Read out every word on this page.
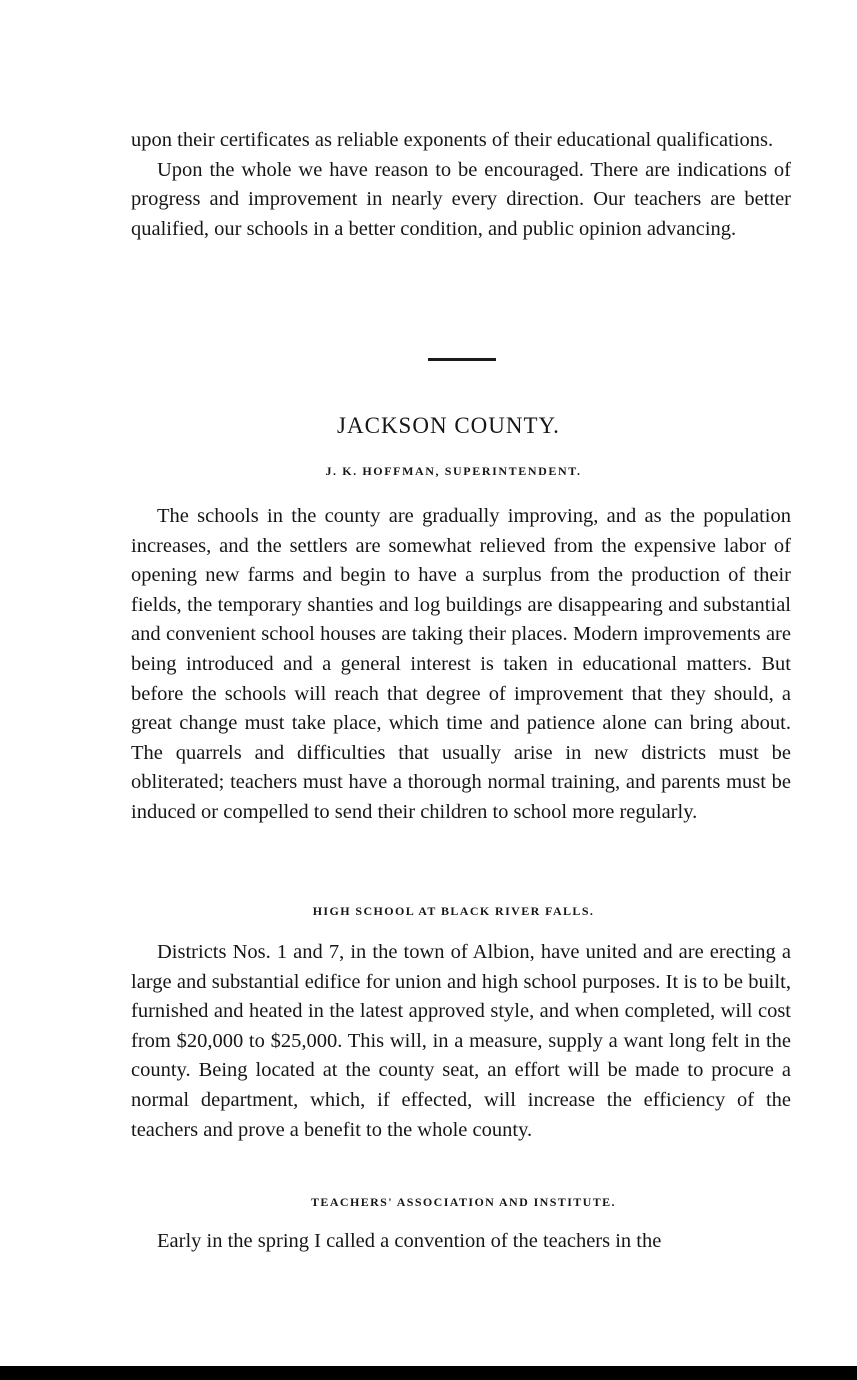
upon their certificates as reliable exponents of their educational qualifications.

Upon the whole we have reason to be encouraged. There are indications of progress and improvement in nearly every direction. Our teachers are better qualified, our schools in a better condition, and public opinion advancing.

JACKSON COUNTY.
J. K. HOFFMAN, SUPERINTENDENT.

The schools in the county are gradually improving, and as the population increases, and the settlers are somewhat relieved from the expensive labor of opening new farms and begin to have a surplus from the production of their fields, the temporary shanties and log buildings are disappearing and substantial and convenient school houses are taking their places. Modern improvements are being introduced and a general interest is taken in educational matters. But before the schools will reach that degree of improvement that they should, a great change must take place, which time and patience alone can bring about. The quarrels and difficulties that usually arise in new districts must be obliterated; teachers must have a thorough normal training, and parents must be induced or compelled to send their children to school more regularly.

HIGH SCHOOL AT BLACK RIVER FALLS.

Districts Nos. 1 and 7, in the town of Albion, have united and are erecting a large and substantial edifice for union and high school purposes. It is to be built, furnished and heated in the latest approved style, and when completed, will cost from $20,000 to $25,000. This will, in a measure, supply a want long felt in the county. Being located at the county seat, an effort will be made to procure a normal department, which, if effected, will increase the efficiency of the teachers and prove a benefit to the whole county.

TEACHERS' ASSOCIATION AND INSTITUTE.

Early in the spring I called a convention of the teachers in the
